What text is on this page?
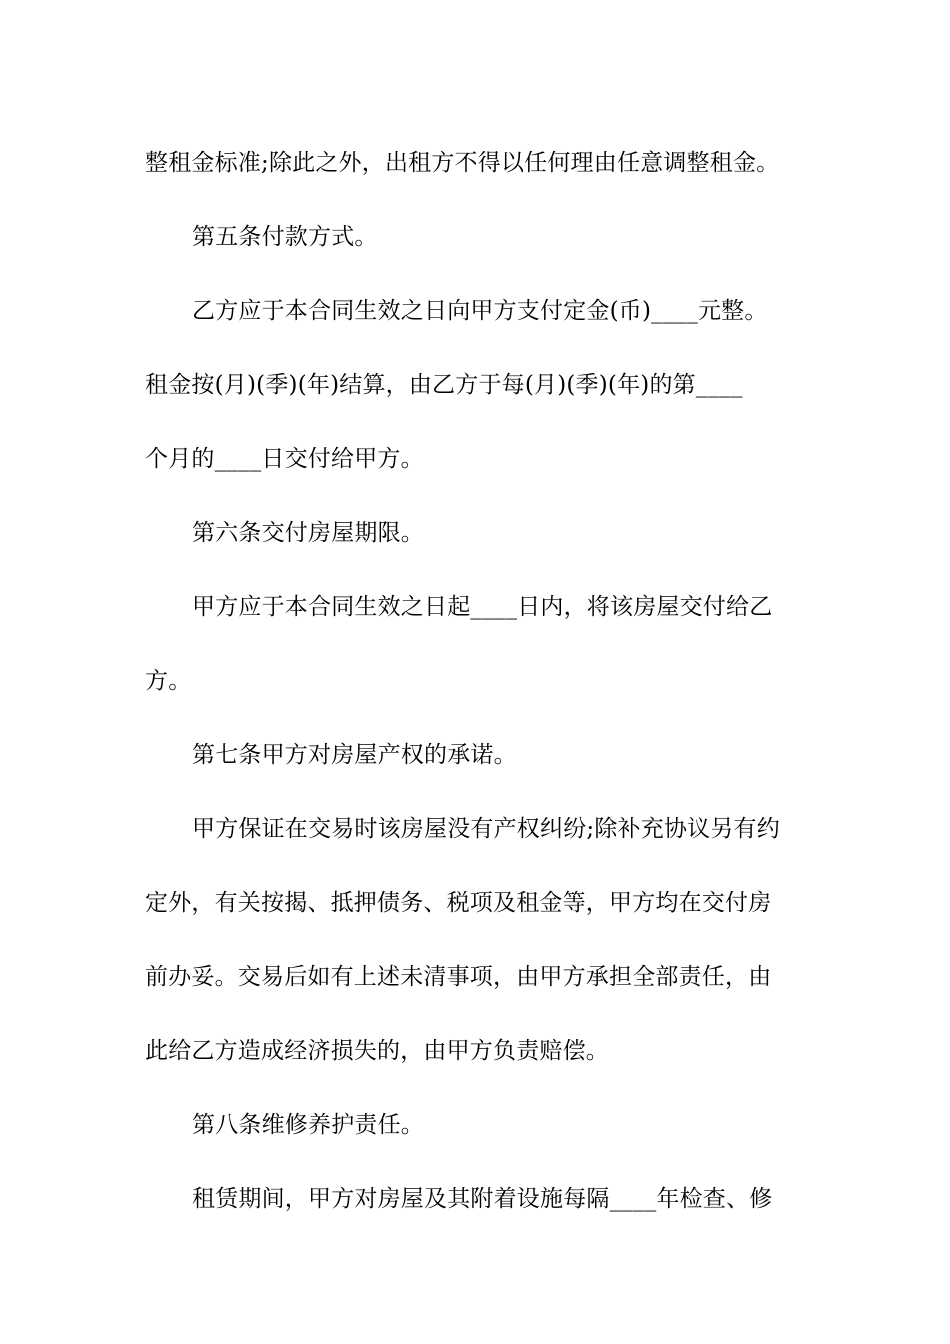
整租金标准;除此之外，出租方不得以任何理由任意调整租金。
第五条付款方式。
乙方应于本合同生效之日向甲方支付定金(币)____元整。
租金按(月)(季)(年)结算，由乙方于每(月)(季)(年)的第____
个月的____日交付给甲方。
第六条交付房屋期限。
甲方应于本合同生效之日起____日内，将该房屋交付给乙
方。
第七条甲方对房屋产权的承诺。
甲方保证在交易时该房屋没有产权纠纷;除补充协议另有约
定外，有关按揭、抵押债务、税项及租金等，甲方均在交付房
前办妥。交易后如有上述未清事项，由甲方承担全部责任，由
此给乙方造成经济损失的，由甲方负责赔偿。
第八条维修养护责任。
租赁期间，甲方对房屋及其附着设施每隔____年检查、修
